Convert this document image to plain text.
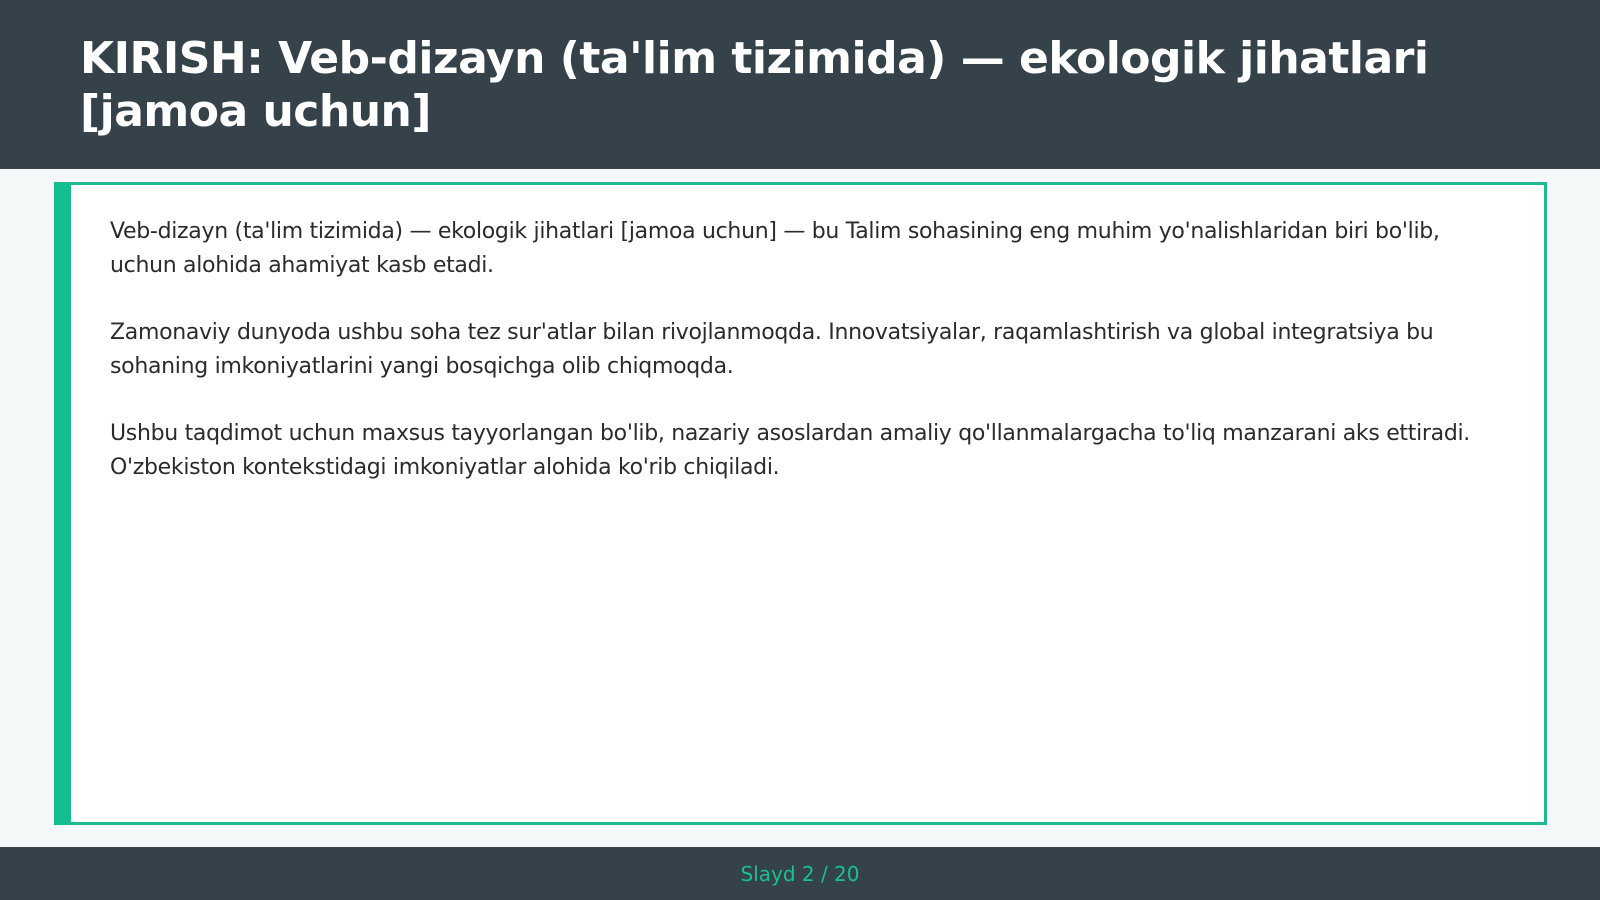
KIRISH: Veb-dizayn (ta'lim tizimida) — ekologik jihatlari [jamoa uchun]

Veb-dizayn (ta'lim tizimida) — ekologik jihatlari [jamoa uchun] — bu Talim sohasining eng muhim yo'nalishlaridan biri bo'lib, uchun alohida ahamiyat kasb etadi.

Zamonaviy dunyoda ushbu soha tez sur'atlar bilan rivojlanmoqda. Innovatsiyalar, raqamlashtirish va global integratsiya bu sohaning imkoniyatlarini yangi bosqichga olib chiqmoqda.

Ushbu taqdimot uchun maxsus tayyorlangan bo'lib, nazariy asoslardan amaliy qo'llanmalargacha to'liq manzarani aks ettiradi. O'zbekiston kontekstidagi imkoniyatlar alohida ko'rib chiqiladi.

Slayd 2 / 20
